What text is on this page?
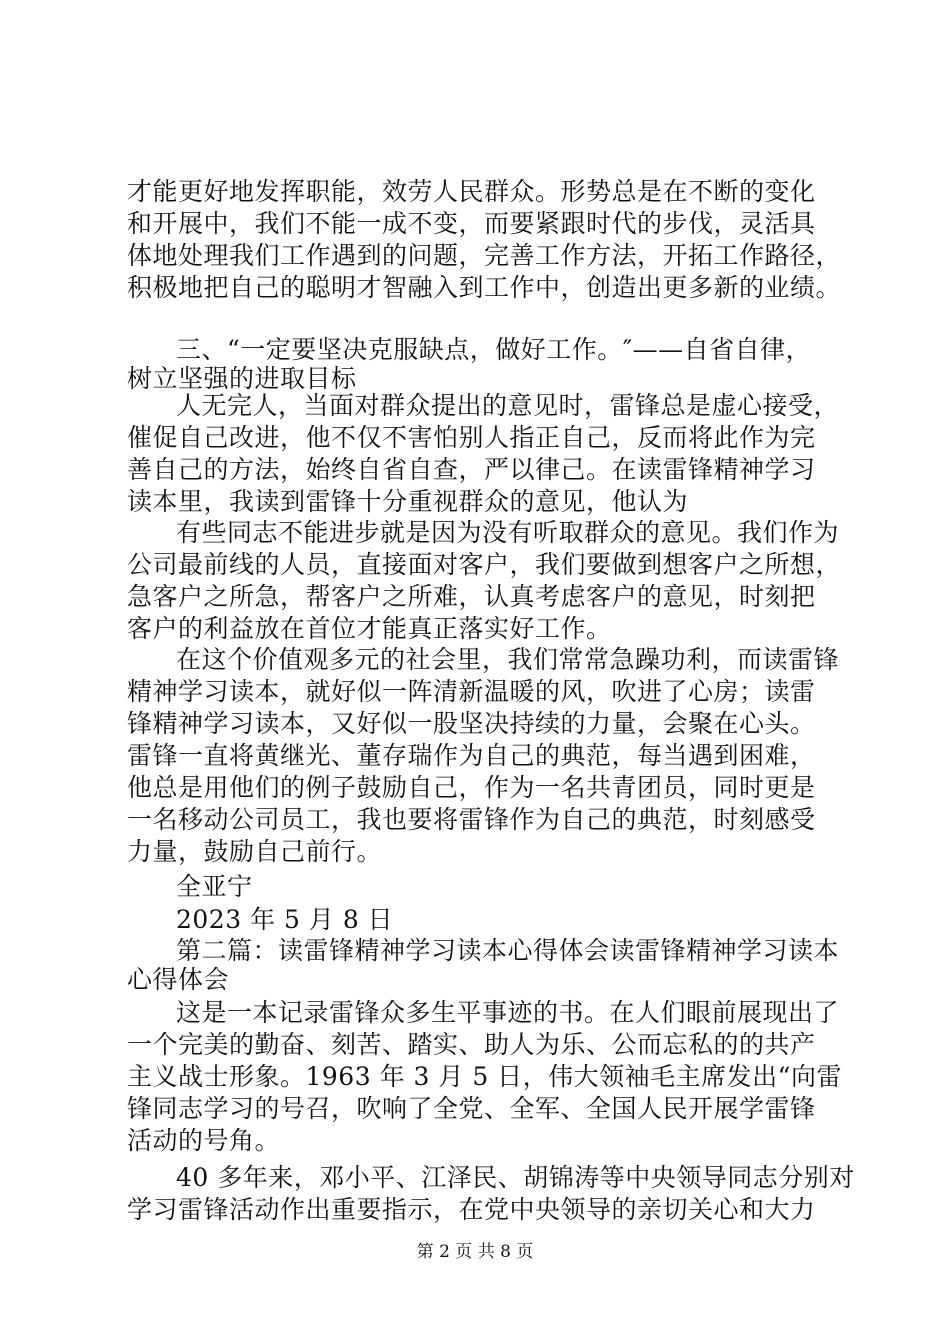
才能更好地发挥职能，效劳人民群众。形势总是在不断的变化
和开展中，我们不能一成不变，而要紧跟时代的步伐，灵活具
体地处理我们工作遇到的问题，完善工作方法，开拓工作路径，
积极地把自己的聪明才智融入到工作中，创造出更多新的业绩。
三、“一定要坚决克服缺点，做好工作。″——自省自律，
树立坚强的进取目标
人无完人，当面对群众提出的意见时，雷锋总是虚心接受，
催促自己改进，他不仅不害怕别人指正自己，反而将此作为完
善自己的方法，始终自省自查，严以律己。在读雷锋精神学习
读本里，我读到雷锋十分重视群众的意见，他认为
有些同志不能进步就是因为没有听取群众的意见。我们作为
公司最前线的人员，直接面对客户，我们要做到想客户之所想，
急客户之所急，帮客户之所难，认真考虑客户的意见，时刻把
客户的利益放在首位才能真正落实好工作。
在这个价值观多元的社会里，我们常常急躁功利，而读雷锋
精神学习读本，就好似一阵清新温暖的风，吹进了心房；读雷
锋精神学习读本，又好似一股坚决持续的力量，会聚在心头。
雷锋一直将黄继光、董存瑞作为自己的典范，每当遇到困难，
他总是用他们的例子鼓励自己，作为一名共青团员，同时更是
一名移动公司员工，我也要将雷锋作为自己的典范，时刻感受
力量，鼓励自己前行。
全亚宁
2023 年 5 月 8 日
第二篇：读雷锋精神学习读本心得体会读雷锋精神学习读本
心得体会
这是一本记录雷锋众多生平事迹的书。在人们眼前展现出了
一个完美的勤奋、刻苦、踏实、助人为乐、公而忘私的的共产
主义战士形象。1963 年 3 月 5 日，伟大领袖毛主席发出“向雷
锋同志学习的号召，吹响了全党、全军、全国人民开展学雷锋
活动的号角。
40 多年来，邓小平、江泽民、胡锦涛等中央领导同志分别对
学习雷锋活动作出重要指示，在党中央领导的亲切关心和大力
第 2 页 共 8 页
